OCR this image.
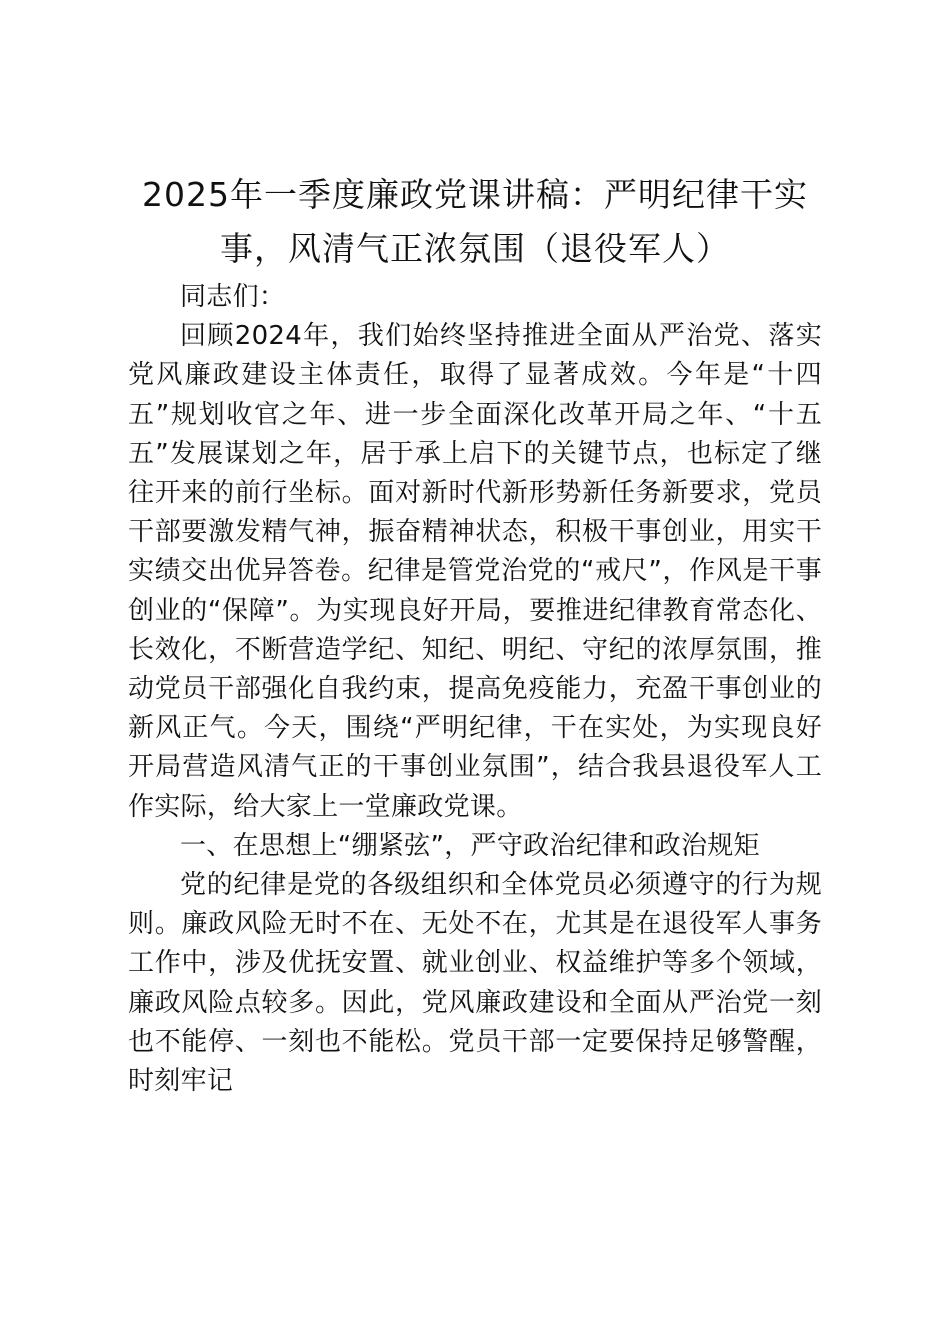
2025年一季度廉政党课讲稿：严明纪律干实事，风清气正浓氛围（退役军人）

同志们：

回顾2024年，我们始终坚持推进全面从严治党、落实党风廉政建设主体责任，取得了显著成效。今年是“十四五”规划收官之年、进一步全面深化改革开局之年、“十五五”发展谋划之年，居于承上启下的关键节点，也标定了继往开来的前行坐标。面对新时代新形势新任务新要求，党员干部要激发精气神，振奋精神状态，积极干事创业，用实干实绩交出优异答卷。纪律是管党治党的“戒尺”，作风是干事创业的“保障”。为实现良好开局，要推进纪律教育常态化、长效化，不断营造学纪、知纪、明纪、守纪的浓厚氛围，推动党员干部强化自我约束，提高免疫能力，充盈干事创业的新风正气。今天，围绕“严明纪律，干在实处，为实现良好开局营造风清气正的干事创业氛围”，结合我县退役军人工作实际，给大家上一堂廉政党课。

一、在思想上“绷紧弦”，严守政治纪律和政治规矩

党的纪律是党的各级组织和全体党员必须遵守的行为规则。廉政风险无时不在、无处不在，尤其是在退役军人事务工作中，涉及优抚安置、就业创业、权益维护等多个领域，廉政风险点较多。因此，党风廉政建设和全面从严治党一刻也不能停、一刻也不能松。党员干部一定要保持足够警醒，时刻牢记
